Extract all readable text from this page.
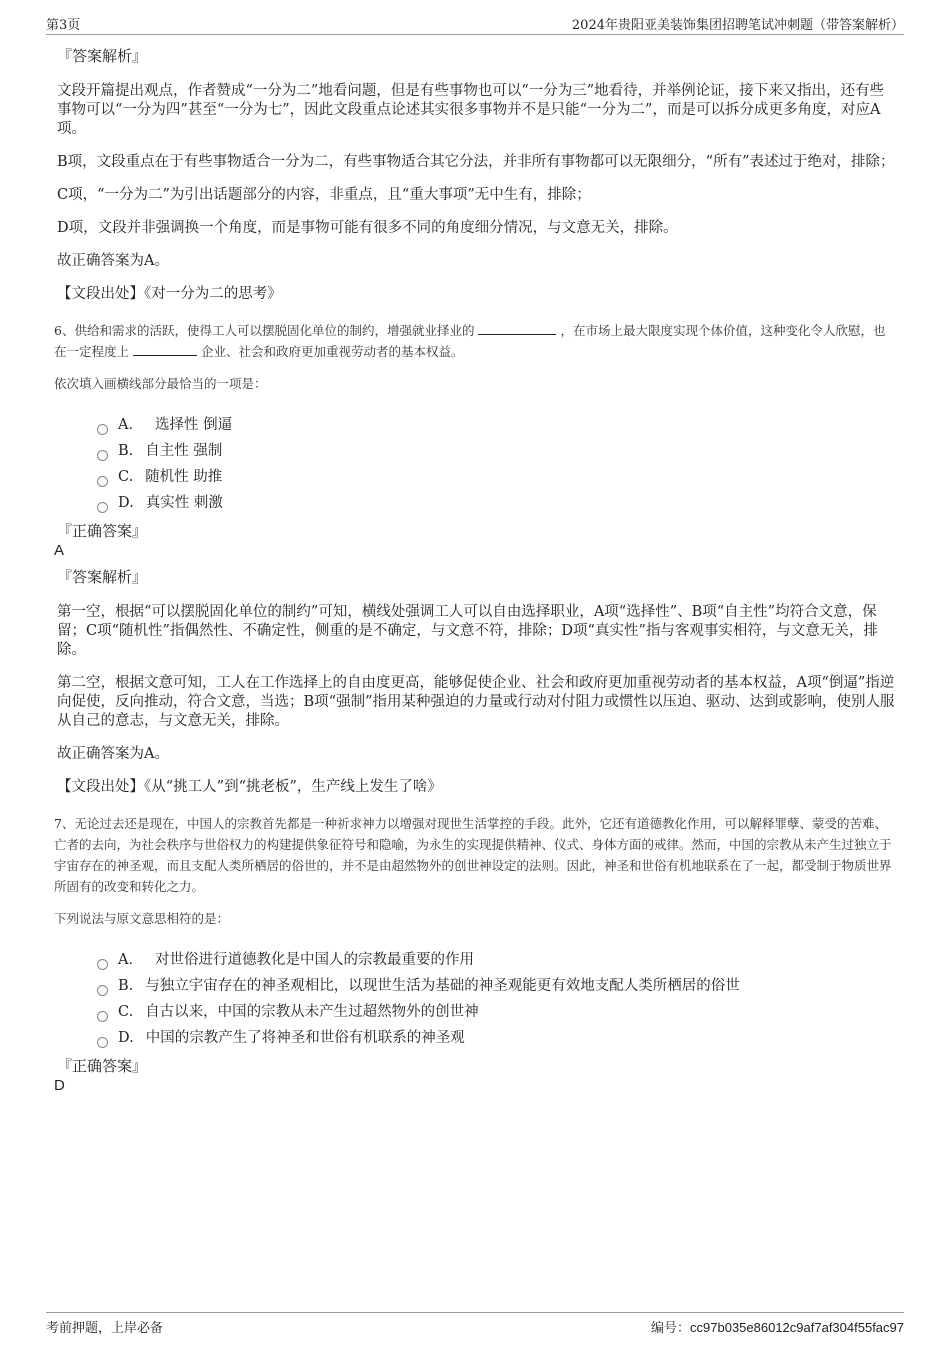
第3页	2024年贵阳亚美装饰集团招聘笔试冲刺题（带答案解析）
『答案解析』
文段开篇提出观点，作者赞成“一分为二”地看问题，但是有些事物也可以“一分为三”地看待，并举例论证，接下来又指出，还有些事物可以“一分为四”甚至“一分为七”，因此文段重点论述其实很多事物并不是只能“一分为二”，而是可以拆分成更多角度，对应A项。
B项，文段重点在于有些事物适合一分为二，有些事物适合其它分法，并非所有事物都可以无限细分，“所有”表述过于绝对，排除；
C项，“一分为二”为引出话题部分的内容，非重点，且“重大事项”无中生有，排除；
D项，文段并非强调换一个角度，而是事物可能有很多不同的角度细分情况，与文意无关，排除。
故正确答案为A。
【文段出处】《对一分为二的思考》
6、供给和需求的活跃，使得工人可以摆脱固化单位的制约，增强就业择业的	，在市场上最大限度实现个体价值，这种变化令人欣慰，也在一定程度上	企业、社会和政府更加重视劳动者的基本权益。
依次填入画横线部分最恰当的一项是：
A． 选择性 倒逼
B. 自主性 强制
C. 随机性 助推
D. 真实性 刺激
『正确答案』
A
『答案解析』
第一空，根据“可以摆脱固化单位的制约”可知，横线处强调工人可以自由选择职业，A项“选择性”、B项“自主性”均符合文意，保留；C项“随机性”指偶然性、不确定性，侧重的是不确定，与文意不符，排除；D项“真实性”指与客观事实相符，与文意无关，排除。
第二空，根据文意可知，工人在工作选择上的自由度更高，能够促使企业、社会和政府更加重视劳动者的基本权益，A项“倒逼”指逆向促使，反向推动，符合文意，当选；B项“强制”指用某种强迫的力量或行动对付阻力或惯性以压迫、驱动、达到或影响，使别人服从自己的意志，与文意无关，排除。
故正确答案为A。
【文段出处】《从“挑工人”到“挑老板”，生产线上发生了啥》
7、无论过去还是现在，中国人的宗教首先都是一种祈求神力以增强对现世生活掌控的手段。此外，它还有道德教化作用，可以解释罪孽、蒙受的苦难、亡者的去向，为社会秩序与世俗权力的构建提供象征符号和隐喻，为永生的实现提供精神、仪式、身体方面的戒律。然而，中国的宗教从未产生过独立于宇宙存在的神圣观，而且支配人类所栖居的俗世的，并不是由超然物外的创世神设定的法则。因此，神圣和世俗有机地联系在了一起，都受制于物质世界所固有的改变和转化之力。
下列说法与原文意思相符的是：
A． 对世俗进行道德教化是中国人的宗教最重要的作用
B. 与独立宇宙存在的神圣观相比，以现世生活为基础的神圣观能更有效地支配人类所栖居的俗世
C. 自古以来，中国的宗教从未产生过超然物外的创世神
D. 中国的宗教产生了将神圣和世俗有机联系的神圣观
『正确答案』
D
考前押题，上岸必备	编号：cc97b035e86012c9af7af304f55fac97
